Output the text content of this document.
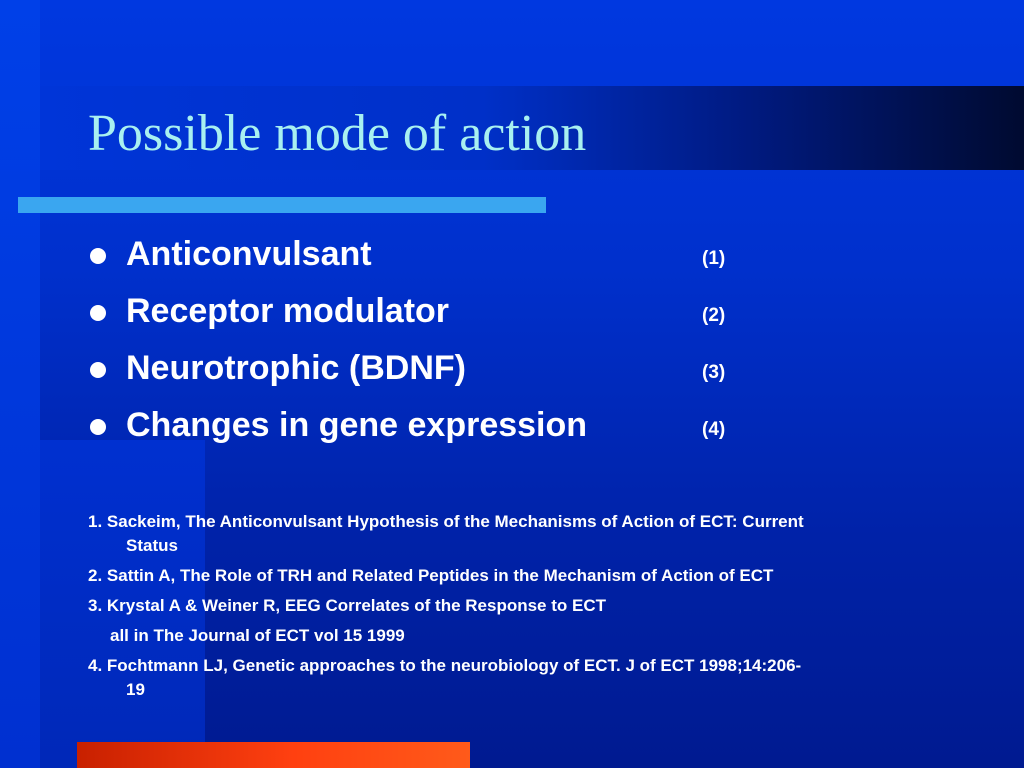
Possible mode of action
Anticonvulsant	(1)
Receptor modulator	(2)
Neurotrophic (BDNF)	(3)
Changes in gene expression	(4)
1. Sackeim, The Anticonvulsant Hypothesis of the Mechanisms of Action of ECT: Current
Status
2. Sattin A, The Role of TRH and Related Peptides in the Mechanism of Action of ECT
3. Krystal A & Weiner R, EEG Correlates of the Response to ECT
all in The Journal of ECT vol 15 1999
4. Fochtmann LJ, Genetic approaches to the neurobiology of ECT. J of ECT 1998;14:206-
19
